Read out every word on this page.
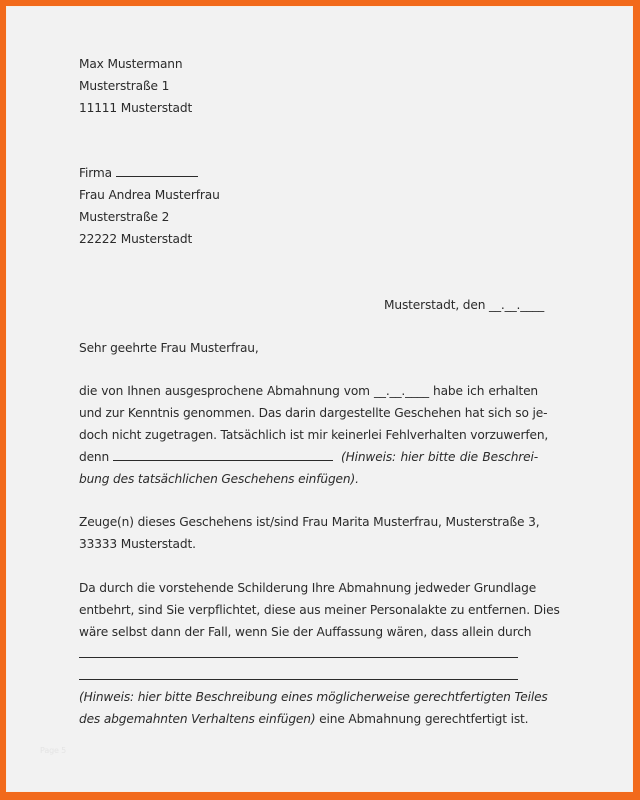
Max Mustermann
Musterstraße 1
11111 Musterstadt
Firma
Frau Andrea Musterfrau
Musterstraße 2
22222 Musterstadt
Musterstadt, den __.__.____
Sehr geehrte Frau Musterfrau,
die von Ihnen ausgesprochene Abmahnung vom __.__.____ habe ich erhalten
und zur Kenntnis genommen. Das darin dargestellte Geschehen hat sich so je-
doch nicht zugetragen. Tatsächlich ist mir keinerlei Fehlverhalten vorzuwerfen,
denn	(Hinweis: hier bitte die Beschrei-
bung des tatsächlichen Geschehens einfügen).
Zeuge(n) dieses Geschehens ist/sind Frau Marita Musterfrau, Musterstraße 3,
33333 Musterstadt.
Da durch die vorstehende Schilderung Ihre Abmahnung jedweder Grundlage
entbehrt, sind Sie verpflichtet, diese aus meiner Personalakte zu entfernen. Dies
wäre selbst dann der Fall, wenn Sie der Auffassung wären, dass allein durch
(Hinweis: hier bitte Beschreibung eines möglicherweise gerechtfertigten Teiles
des abgemahnten Verhaltens einfügen) eine Abmahnung gerechtfertigt ist.
Page 5
